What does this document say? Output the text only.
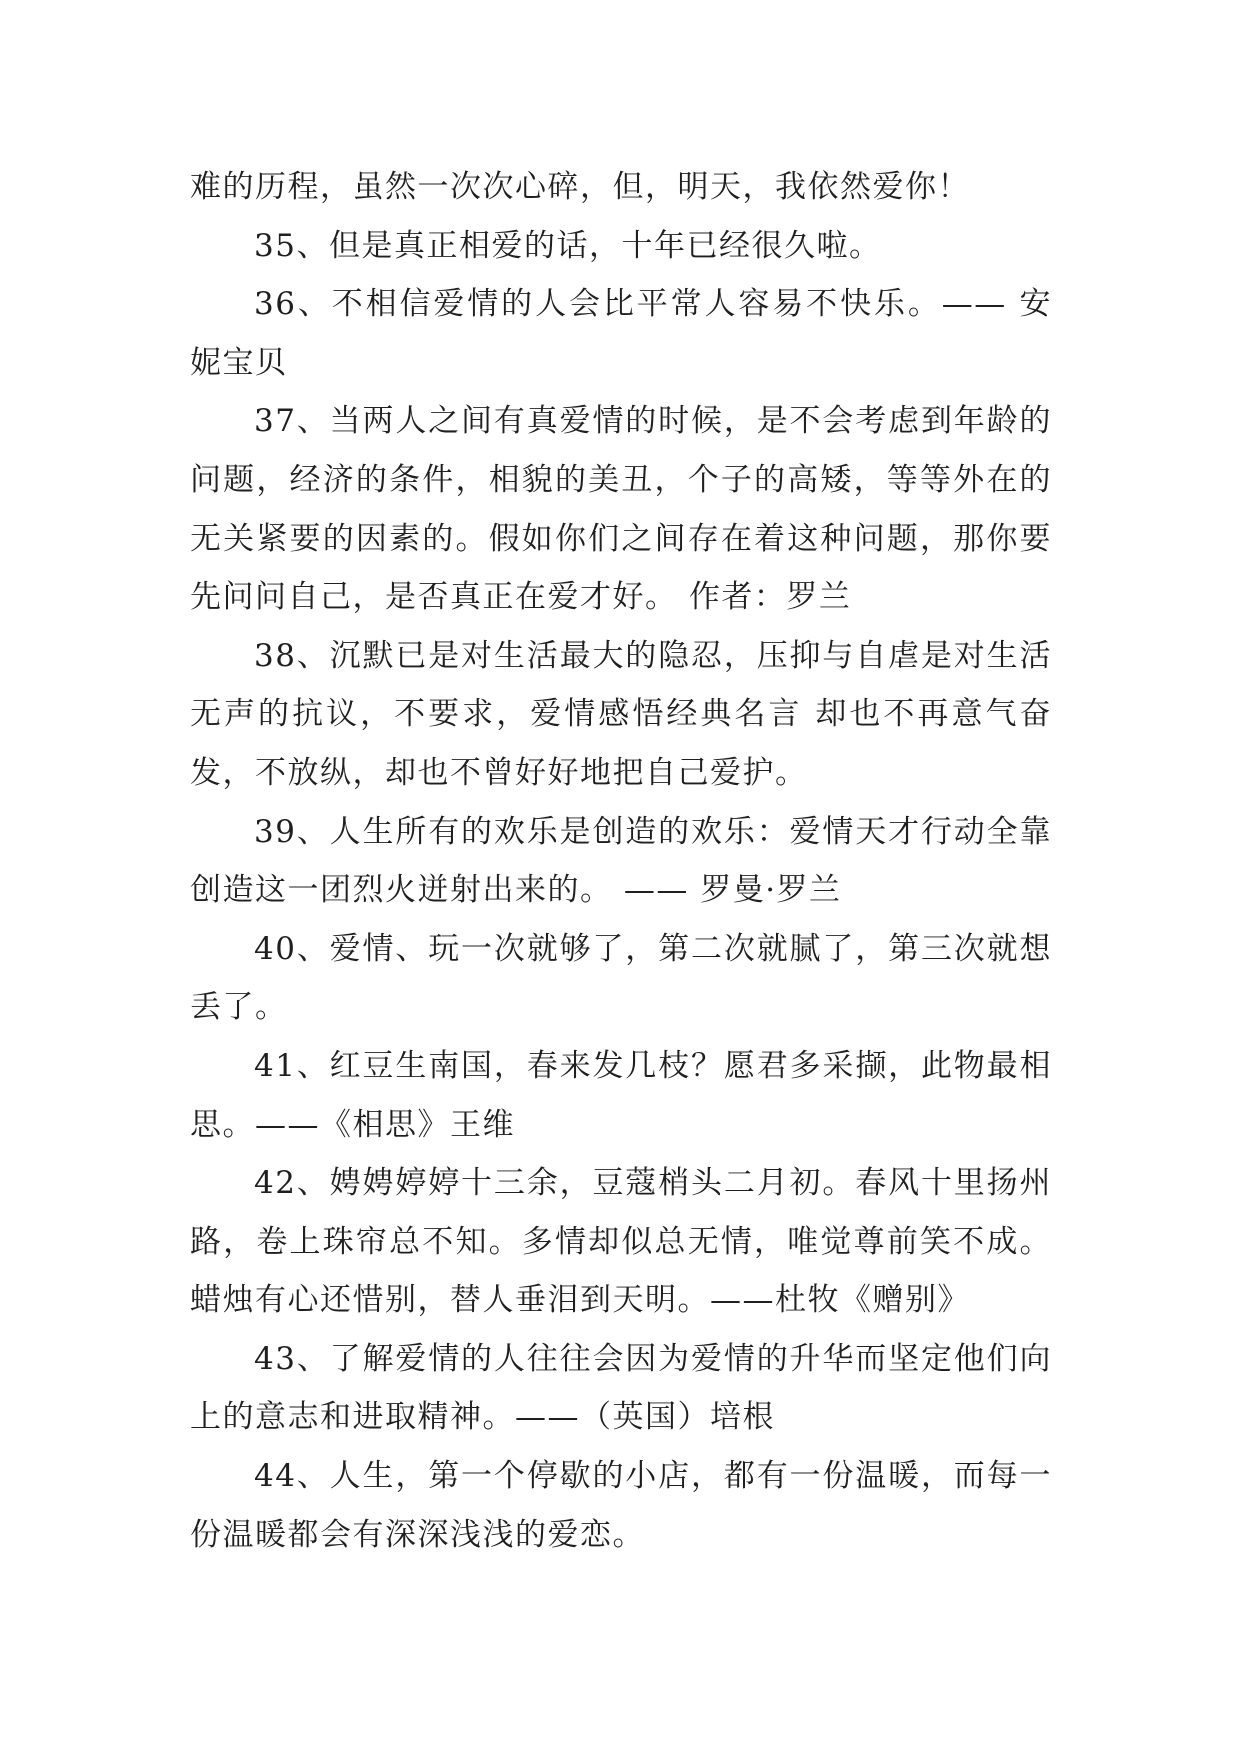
难的历程，虽然一次次心碎，但，明天，我依然爱你！

35、但是真正相爱的话，十年已经很久啦。

36、不相信爱情的人会比平常人容易不快乐。—— 安妮宝贝

37、当两人之间有真爱情的时候，是不会考虑到年龄的问题，经济的条件，相貌的美丑，个子的高矮，等等外在的无关紧要的因素的。假如你们之间存在着这种问题，那你要先问问自己，是否真正在爱才好。 作者：罗兰

38、沉默已是对生活最大的隐忍，压抑与自虐是对生活无声的抗议，不要求，爱情感悟经典名言 却也不再意气奋发，不放纵，却也不曾好好地把自己爱护。

39、人生所有的欢乐是创造的欢乐：爱情天才行动全靠创造这一团烈火迸射出来的。 —— 罗曼·罗兰

40、爱情、玩一次就够了，第二次就腻了，第三次就想丢了。

41、红豆生南国，春来发几枝？愿君多采撷，此物最相思。——《相思》王维

42、娉娉婷婷十三余，豆蔻梢头二月初。春风十里扬州路，卷上珠帘总不知。多情却似总无情，唯觉尊前笑不成。蜡烛有心还惜别，替人垂泪到天明。——杜牧《赠别》

43、了解爱情的人往往会因为爱情的升华而坚定他们向上的意志和进取精神。——（英国）培根

44、人生，第一个停歇的小店，都有一份温暖，而每一份温暖都会有深深浅浅的爱恋。
